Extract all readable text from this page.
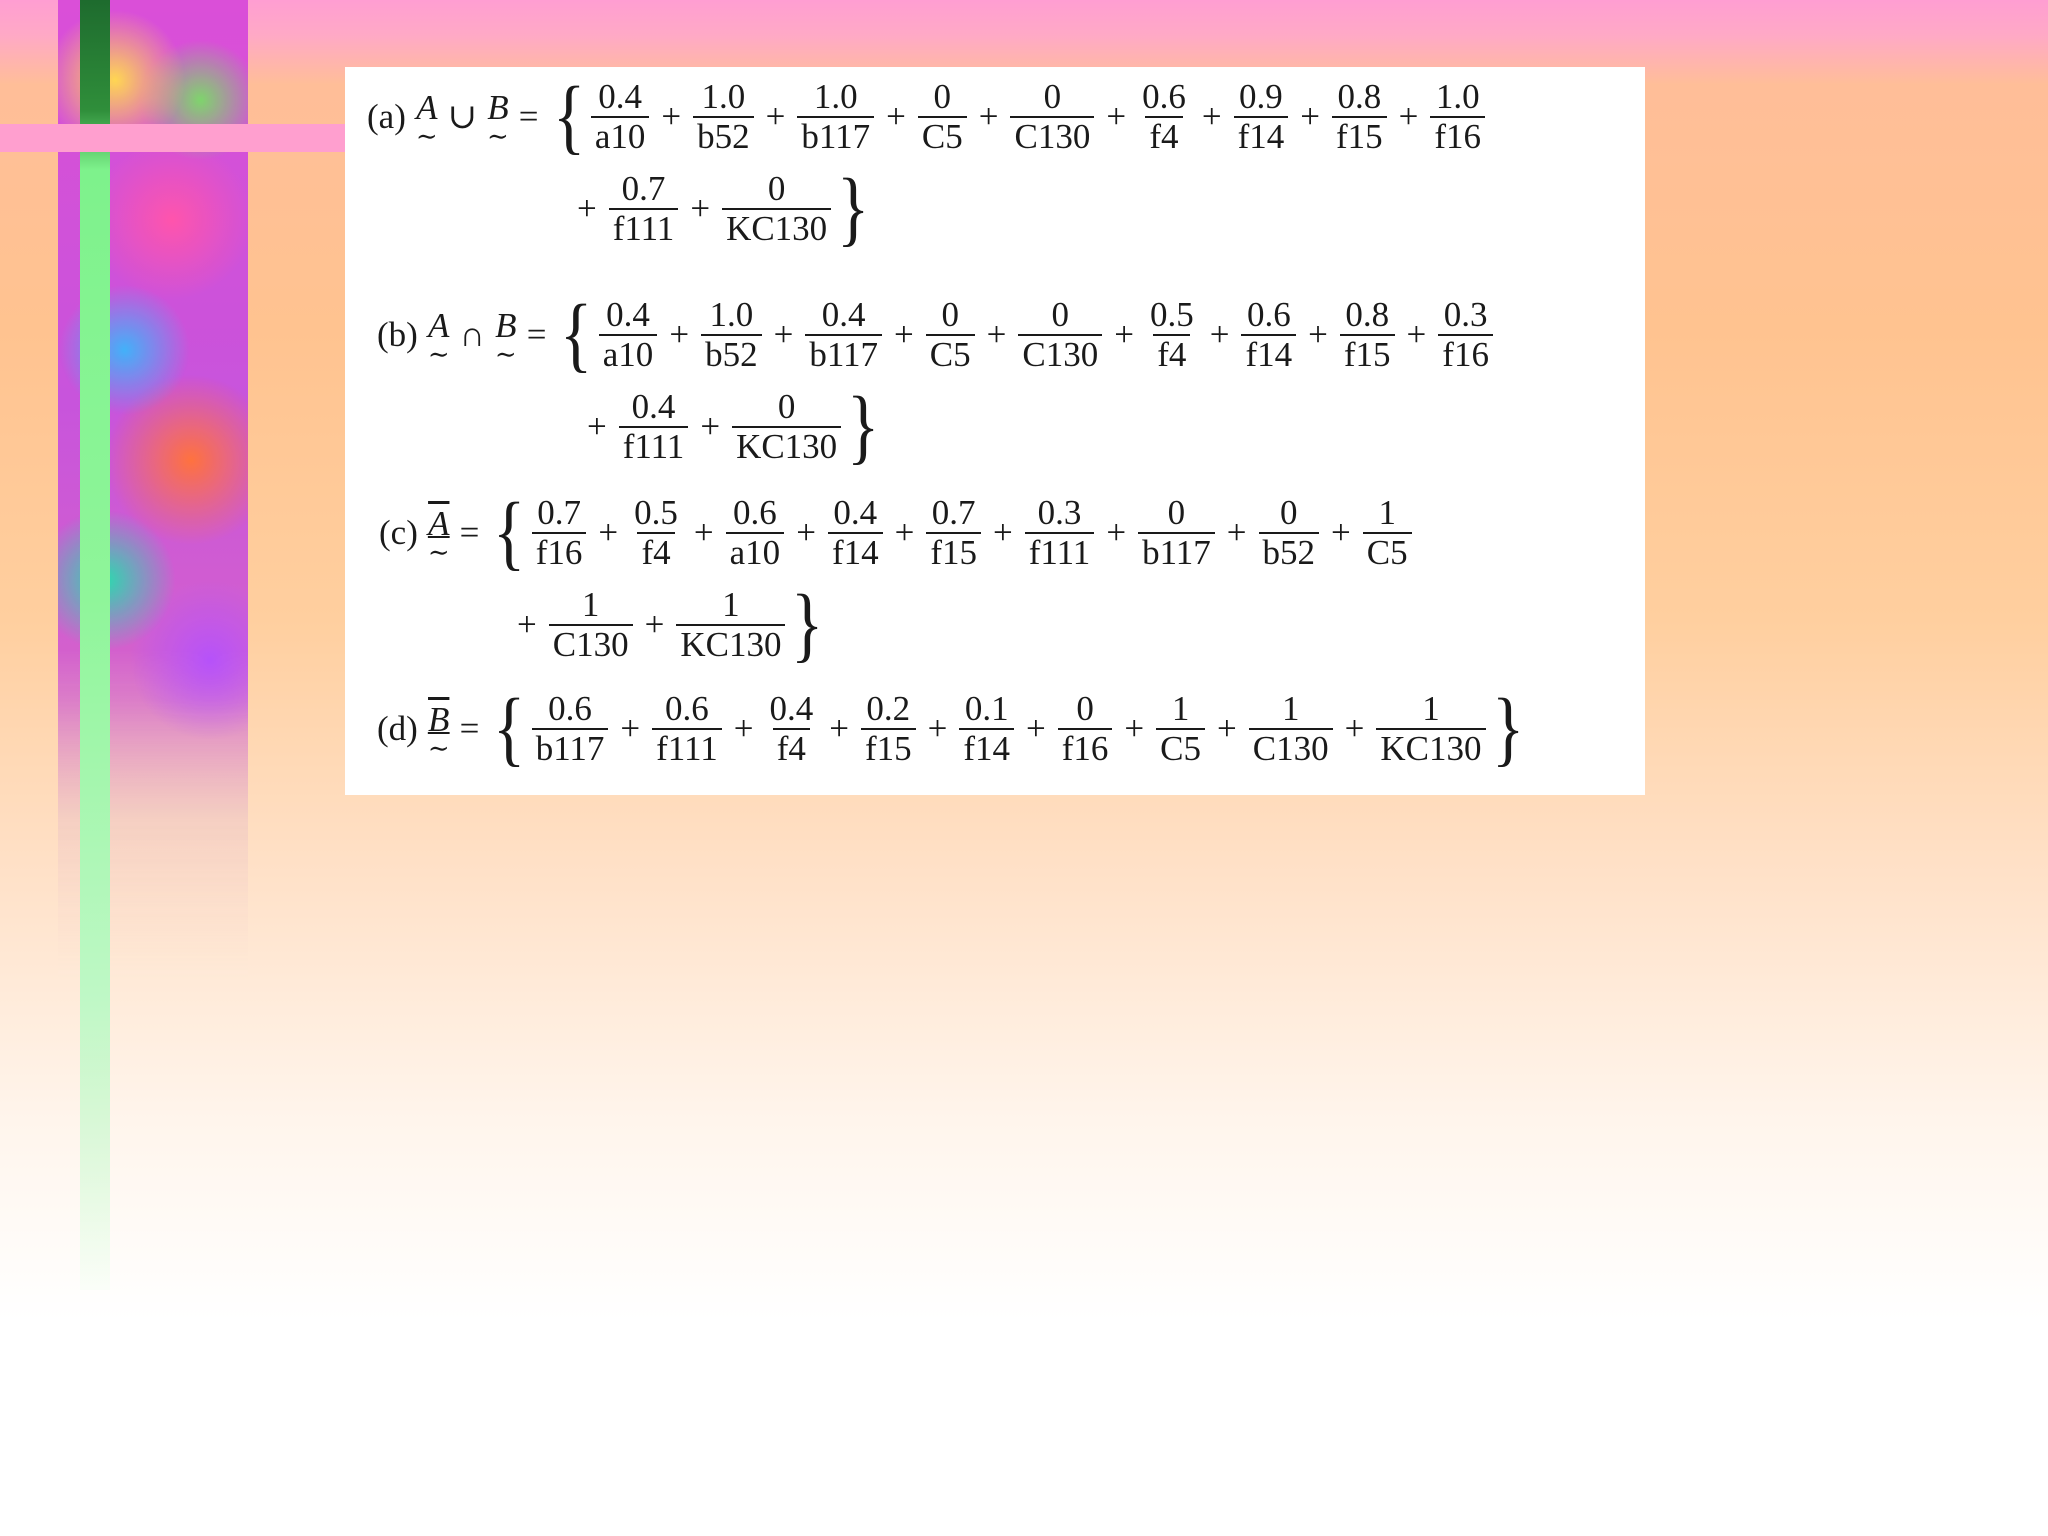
(a) A
∼
∪ B
∼
= { $\frac{0.4}{a10} + \frac{1.0}{b52} + \frac{1.0}{b117} + \frac{0}{C5} + \frac{0}{C130} + \frac{0.6}{f4} + \frac{0.9}{f14} + \frac{0.8}{f15} + \frac{1.0}{f16}$
+ $\frac{0.7}{f111} + \frac{0}{KC130}$ }
(b) A
∼
∩ B
∼
= { $\frac{0.4}{a10} + \frac{1.0}{b52} + \frac{0.4}{b117} + \frac{0}{C5} + \frac{0}{C130} + \frac{0.5}{f4} + \frac{0.6}{f14} + \frac{0.8}{f15} + \frac{0.3}{f16}$
+ $\frac{0.4}{f111} + \frac{0}{KC130}$ }
(c) A
∼
= { $\frac{0.7}{f16} + \frac{0.5}{f4} + \frac{0.6}{a10} + \frac{0.4}{f14} + \frac{0.7}{f15} + \frac{0.3}{f111} + \frac{0}{b117} + \frac{0}{b52} + \frac{1}{C5}$
+ $\frac{1}{C130} + \frac{1}{KC130}$ }
(d) B
∼
= { $\frac{0.6}{b117} + \frac{0.6}{f111} + \frac{0.4}{f4} + \frac{0.2}{f15} + \frac{0.1}{f14} + \frac{0}{f16} + \frac{1}{C5} + \frac{1}{C130} + \frac{1}{KC130}$ }
